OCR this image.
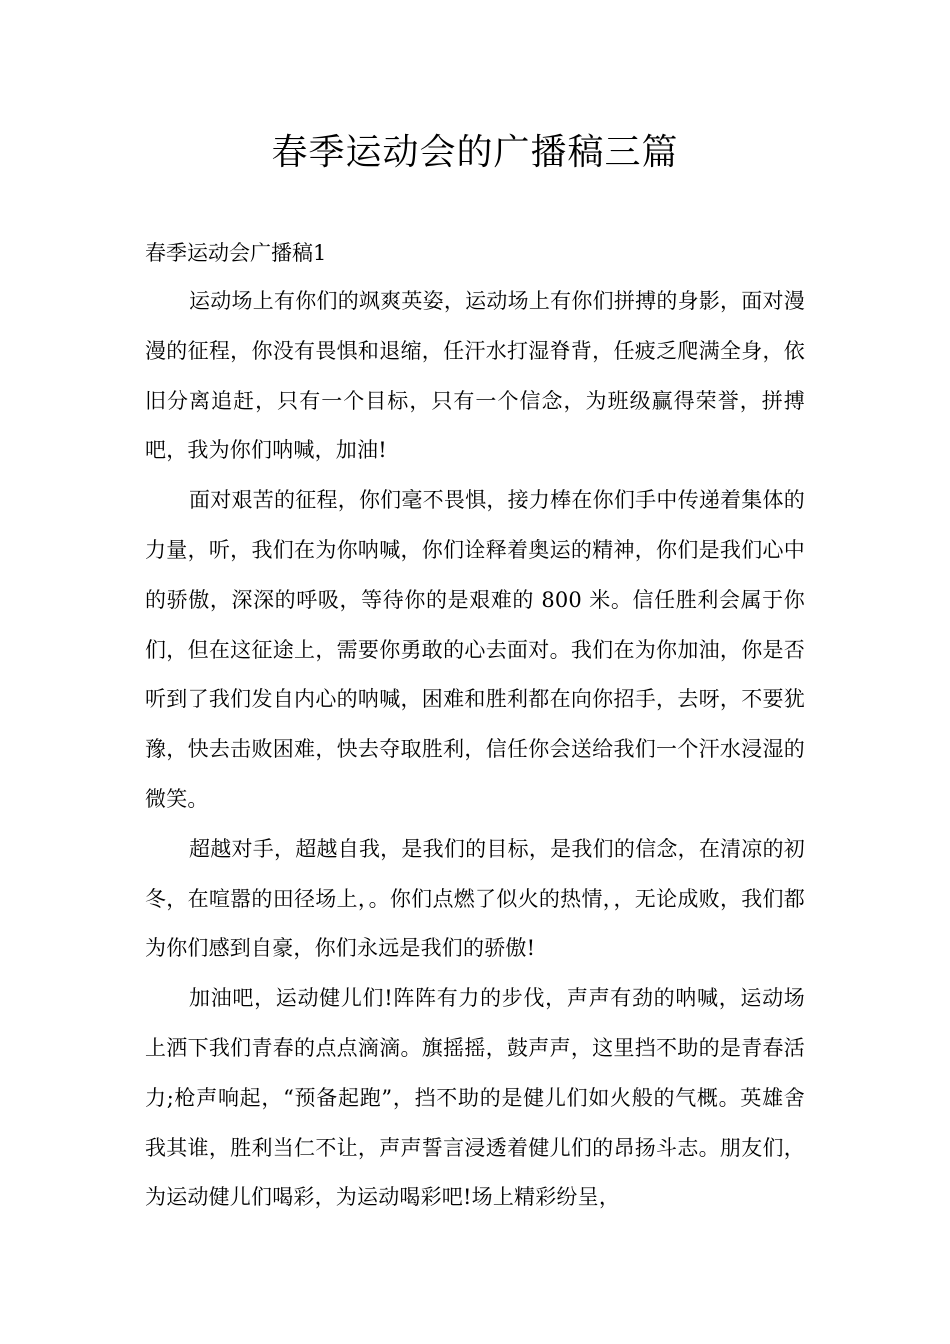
春季运动会的广播稿三篇

春季运动会广播稿1

运动场上有你们的飒爽英姿，运动场上有你们拼搏的身影，面对漫漫的征程，你没有畏惧和退缩，任汗水打湿脊背，任疲乏爬满全身，依旧分离追赶，只有一个目标，只有一个信念，为班级赢得荣誉，拼搏吧，我为你们呐喊，加油!

面对艰苦的征程，你们毫不畏惧，接力棒在你们手中传递着集体的力量，听，我们在为你呐喊，你们诠释着奥运的精神，你们是我们心中的骄傲，深深的呼吸，等待你的是艰难的 800 米。信任胜利会属于你们，但在这征途上，需要你勇敢的心去面对。我们在为你加油，你是否听到了我们发自内心的呐喊，困难和胜利都在向你招手，去呀，不要犹豫，快去击败困难，快去夺取胜利，信任你会送给我们一个汗水浸湿的微笑。

超越对手，超越自我，是我们的目标，是我们的信念，在清凉的初冬，在喧嚣的田径场上，。你们点燃了似火的热情，，无论成败，我们都为你们感到自豪，你们永远是我们的骄傲!

加油吧，运动健儿们!阵阵有力的步伐，声声有劲的呐喊，运动场上洒下我们青春的点点滴滴。旗摇摇，鼓声声，这里挡不助的是青春活力;枪声响起，“预备起跑”，挡不助的是健儿们如火般的气概。英雄舍我其谁，胜利当仁不让，声声誓言浸透着健儿们的昂扬斗志。朋友们，为运动健儿们喝彩，为运动喝彩吧!场上精彩纷呈，
